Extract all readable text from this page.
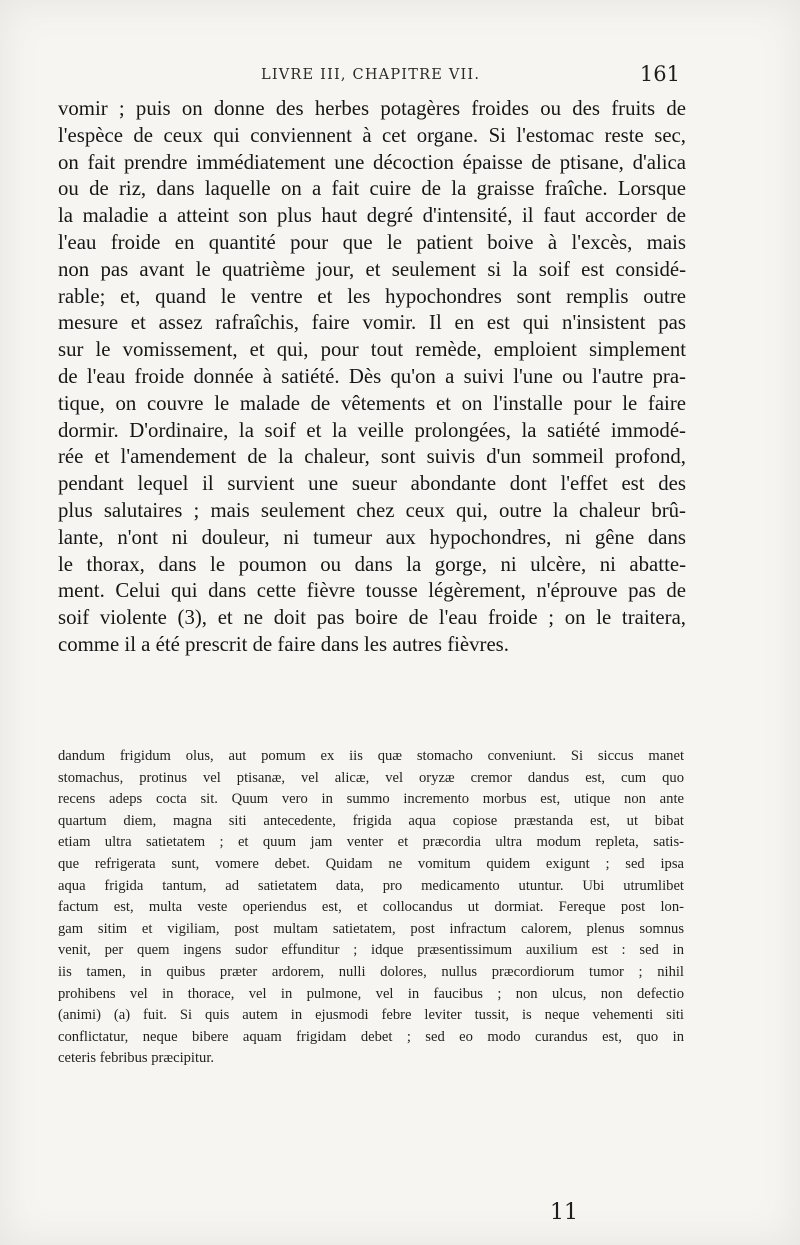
LIVRE III, CHAPITRE VII.	161
vomir ; puis on donne des herbes potagères froides ou des fruits de
l'espèce de ceux qui conviennent à cet organe. Si l'estomac reste sec,
on fait prendre immédiatement une décoction épaisse de ptisane, d'alica
ou de riz, dans laquelle on a fait cuire de la graisse fraîche. Lorsque
la maladie a atteint son plus haut degré d'intensité, il faut accorder de
l'eau froide en quantité pour que le patient boive à l'excès, mais
non pas avant le quatrième jour, et seulement si la soif est considé-
rable; et, quand le ventre et les hypochondres sont remplis outre
mesure et assez rafraîchis, faire vomir. Il en est qui n'insistent pas
sur le vomissement, et qui, pour tout remède, emploient simplement
de l'eau froide donnée à satiété. Dès qu'on a suivi l'une ou l'autre pra-
tique, on couvre le malade de vêtements et on l'installe pour le faire
dormir. D'ordinaire, la soif et la veille prolongées, la satiété immodé-
rée et l'amendement de la chaleur, sont suivis d'un sommeil profond,
pendant lequel il survient une sueur abondante dont l'effet est des
plus salutaires ; mais seulement chez ceux qui, outre la chaleur brû-
lante, n'ont ni douleur, ni tumeur aux hypochondres, ni gêne dans
le thorax, dans le poumon ou dans la gorge, ni ulcère, ni abatte-
ment. Celui qui dans cette fièvre tousse légèrement, n'éprouve pas de
soif violente (3), et ne doit pas boire de l'eau froide ; on le traitera,
comme il a été prescrit de faire dans les autres fièvres.
dandum frigidum olus, aut pomum ex iis quæ stomacho conveniunt. Si siccus manet
stomachus, protinus vel ptisanæ, vel alicæ, vel oryzæ cremor dandus est, cum quo
recens adeps cocta sit. Quum vero in summo incremento morbus est, utique non ante
quartum diem, magna siti antecedente, frigida aqua copiose præstanda est, ut bibat
etiam ultra satietatem ; et quum jam venter et præcordia ultra modum repleta, satis-
que refrigerata sunt, vomere debet. Quidam ne vomitum quidem exigunt ; sed ipsa
aqua frigida tantum, ad satietatem data, pro medicamento utuntur. Ubi utrumlibet
factum est, multa veste operiendus est, et collocandus ut dormiat. Fereque post lon-
gam sitim et vigiliam, post multam satietatem, post infractum calorem, plenus somnus
venit, per quem ingens sudor effunditur ; idque præsentissimum auxilium est : sed in
iis tamen, in quibus præter ardorem, nulli dolores, nullus præcordiorum tumor ; nihil
prohibens vel in thorace, vel in pulmone, vel in faucibus ; non ulcus, non defectio
(animi) (a) fuit. Si quis autem in ejusmodi febre leviter tussit, is neque vehementi siti
conflictatur, neque bibere aquam frigidam debet ; sed eo modo curandus est, quo in
ceteris febribus præcipitur.
11
